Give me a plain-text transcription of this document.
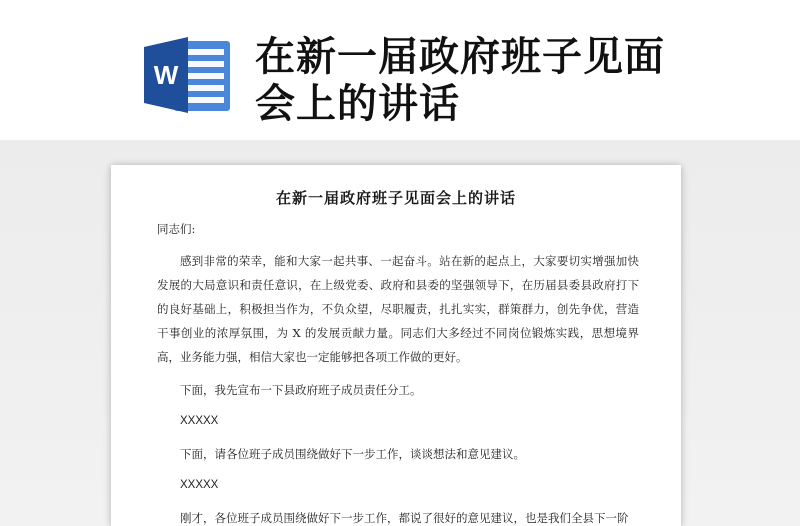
W 在新一届政府班子见面会上的讲话
在新一届政府班子见面会上的讲话

同志们:

感到非常的荣幸，能和大家一起共事、一起奋斗。站在新的起点上，大家要切实增强加快发展的大局意识和责任意识，在上级党委、政府和县委的坚强领导下，在历届县委县政府打下的良好基础上，积极担当作为，不负众望，尽职履责，扎扎实实，群策群力，创先争优，营造干事创业的浓厚氛围，为 X 的发展贡献力量。同志们大多经过不同岗位锻炼实践，思想境界高，业务能力强，相信大家也一定能够把各项工作做的更好。

下面，我先宣布一下县政府班子成员责任分工。

XXXXX

下面，请各位班子成员围绕做好下一步工作，谈谈想法和意见建议。

XXXXX

刚才，各位班子成员围绕做好下一步工作，都说了很好的意见建议，也是我们全县下一阶
